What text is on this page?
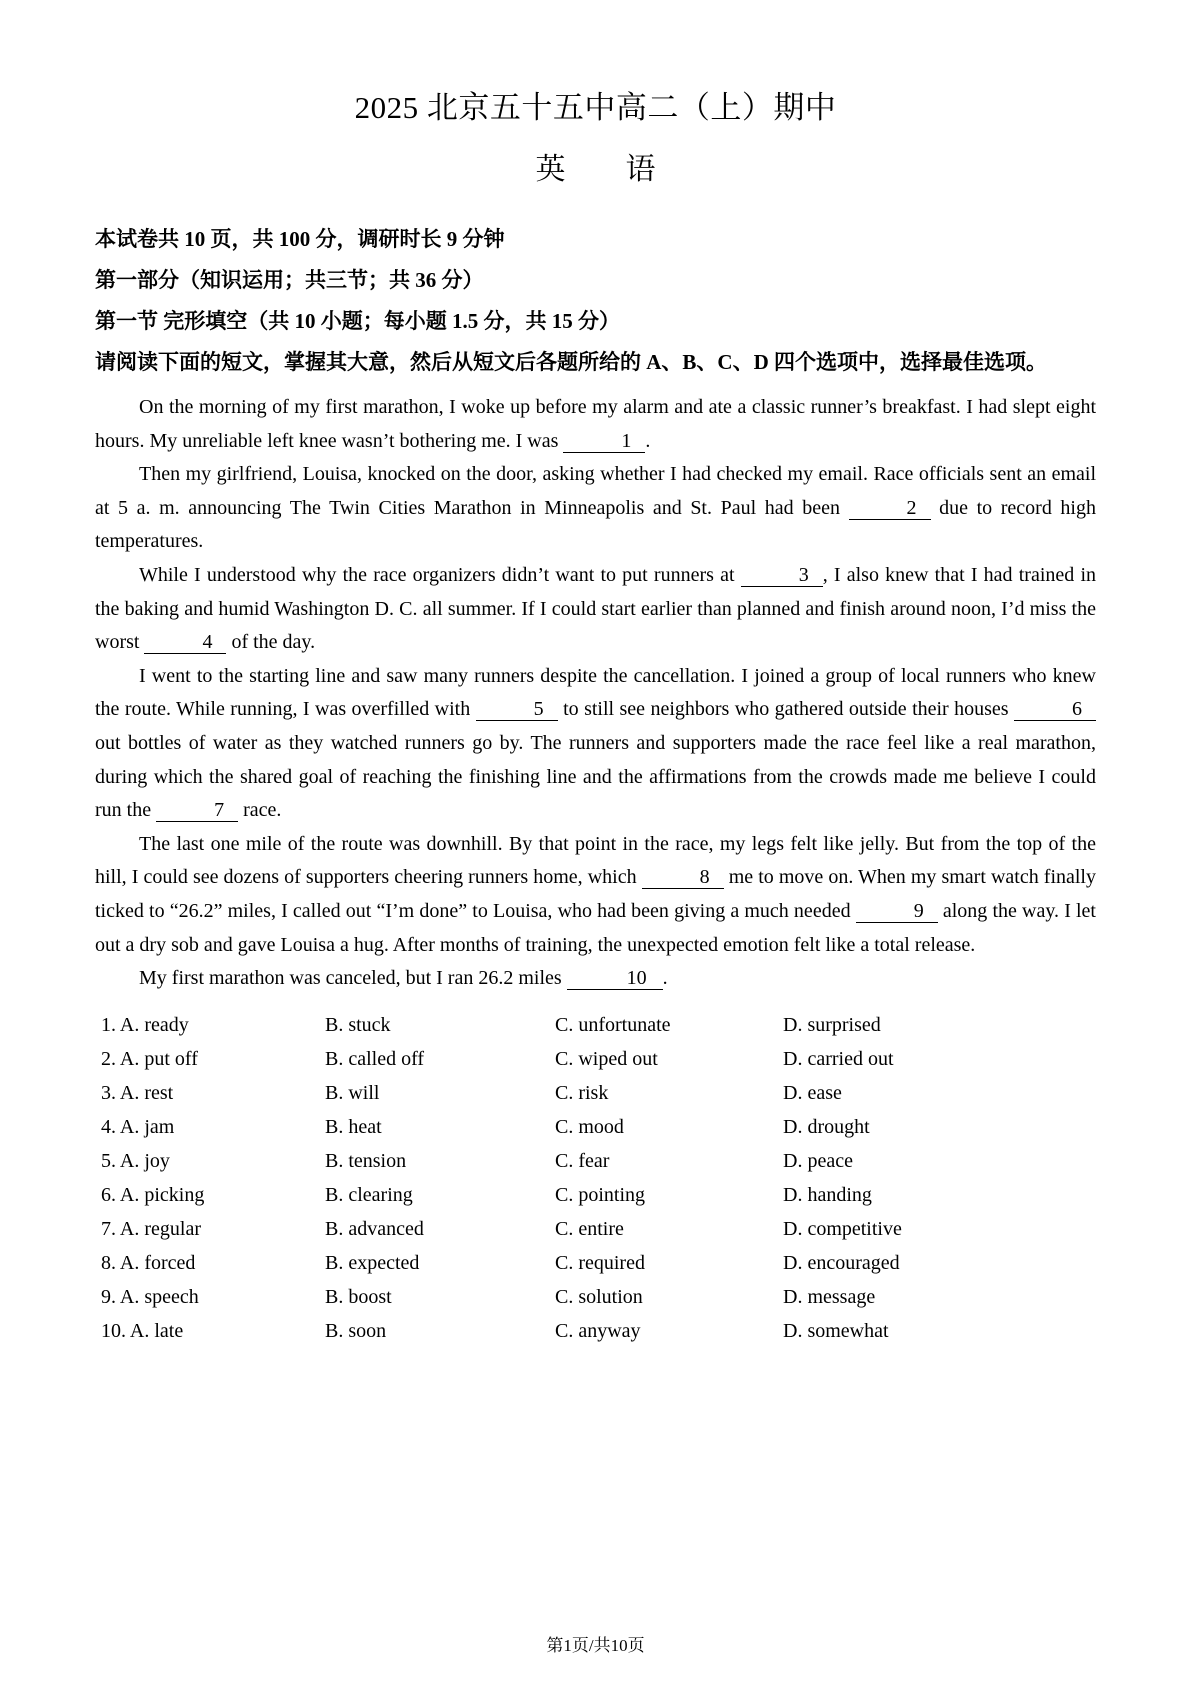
2025 北京五十五中高二（上）期中
英　　语

本试卷共 10 页，共 100 分，调研时长 9 分钟

第一部分（知识运用；共三节；共 36 分）

第一节 完形填空（共 10 小题；每小题 1.5 分，共 15 分）

请阅读下面的短文，掌握其大意，然后从短文后各题所给的 A、B、C、D 四个选项中，选择最佳选项。

On the morning of my first marathon, I woke up before my alarm and ate a classic runner’s breakfast. I had slept eight hours. My unreliable left knee wasn’t bothering me. I was	1 .

Then my girlfriend, Louisa, knocked on the door, asking whether I had checked my email. Race officials sent an email at 5 a. m. announcing The Twin Cities Marathon in Minneapolis and St. Paul had been	2 due to record high temperatures.

While I understood why the race organizers didn’t want to put runners at	3 , I also knew that I had trained in the baking and humid Washington D. C. all summer. If I could start earlier than planned and finish around noon, I’d miss the worst	4 of the day.

I went to the starting line and saw many runners despite the cancellation. I joined a group of local runners who knew the route. While running, I was overfilled with	5 to still see neighbors who gathered outside their houses	6 out bottles of water as they watched runners go by. The runners and supporters made the race feel like a real marathon, during which the shared goal of reaching the finishing line and the affirmations from the crowds made me believe I could run the	7 race.

The last one mile of the route was downhill. By that point in the race, my legs felt like jelly. But from the top of the hill, I could see dozens of supporters cheering runners home, which	8 me to move on. When my smart watch finally ticked to “26.2” miles, I called out “I’m done” to Louisa, who had been giving a much needed	9 along the way. I let out a dry sob and gave Louisa a hug. After months of training, the unexpected emotion felt like a total release.

My first marathon was canceled, but I ran 26.2 miles	10 .

1. A. ready	B. stuck	C. unfortunate	D. surprised
2. A. put off	B. called off	C. wiped out	D. carried out
3. A. rest	B. will	C. risk	D. ease
4. A. jam	B. heat	C. mood	D. drought
5. A. joy	B. tension	C. fear	D. peace
6. A. picking	B. clearing	C. pointing	D. handing
7. A. regular	B. advanced	C. entire	D. competitive
8. A. forced	B. expected	C. required	D. encouraged
9. A. speech	B. boost	C. solution	D. message
10. A. late	B. soon	C. anyway	D. somewhat
第1页/共10页
